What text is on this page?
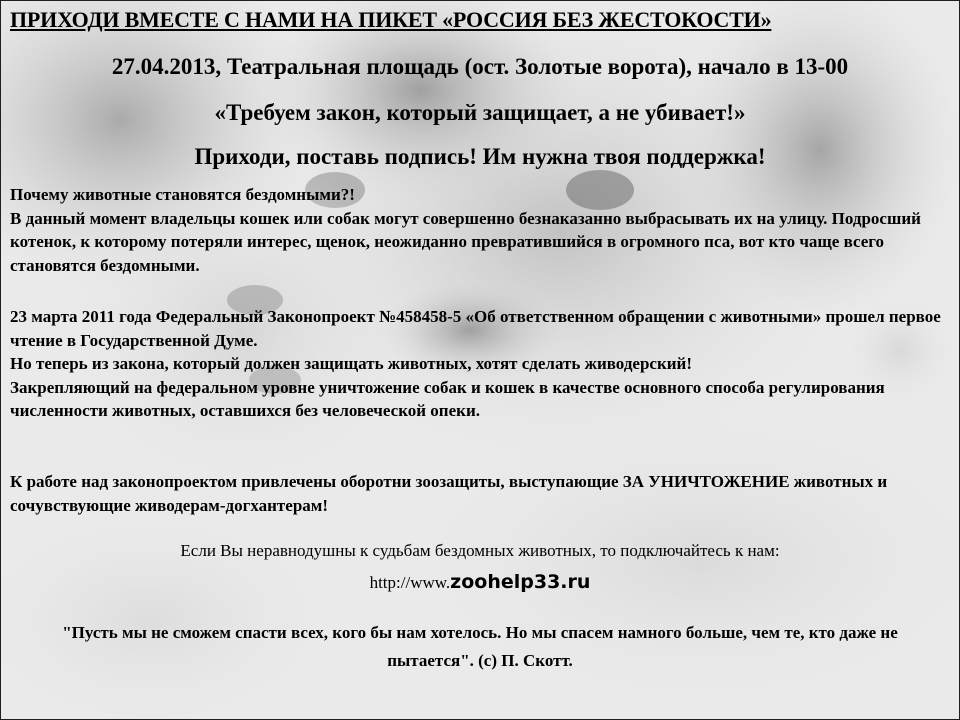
ПРИХОДИ ВМЕСТЕ С НАМИ НА ПИКЕТ «РОССИЯ БЕЗ ЖЕСТОКОСТИ»
27.04.2013, Театральная площадь (ост. Золотые ворота), начало в 13-00
«Требуем закон, который защищает, а не убивает!»
Приходи, поставь подпись! Им нужна твоя поддержка!
Почему животные становятся бездомными?!
В данный момент владельцы кошек или собак могут совершенно безнаказанно выбрасывать их на улицу. Подросший котенок, к которому потеряли интерес, щенок, неожиданно превратившийся в огромного пса, вот кто чаще всего становятся бездомными.
23 марта 2011 года Федеральный Законопроект №458458-5 «Об ответственном обращении с животными» прошел первое чтение в Государственной Думе.
Но теперь из закона, который должен защищать животных, хотят сделать живодерский!
Закрепляющий на федеральном уровне уничтожение собак и кошек в качестве основного способа регулирования численности животных, оставшихся без человеческой опеки.
К работе над законопроектом привлечены оборотни зоозащиты, выступающие ЗА УНИЧТОЖЕНИЕ животных и сочувствующие живодерам-догхантерам!
Если Вы неравнодушны к судьбам бездомных животных, то подключайтесь к нам:
http://www.zoohelp33.ru
"Пусть мы не сможем спасти всех, кого бы нам хотелось. Но мы спасем намного больше, чем те, кто даже не пытается". (c) П. Скотт.
